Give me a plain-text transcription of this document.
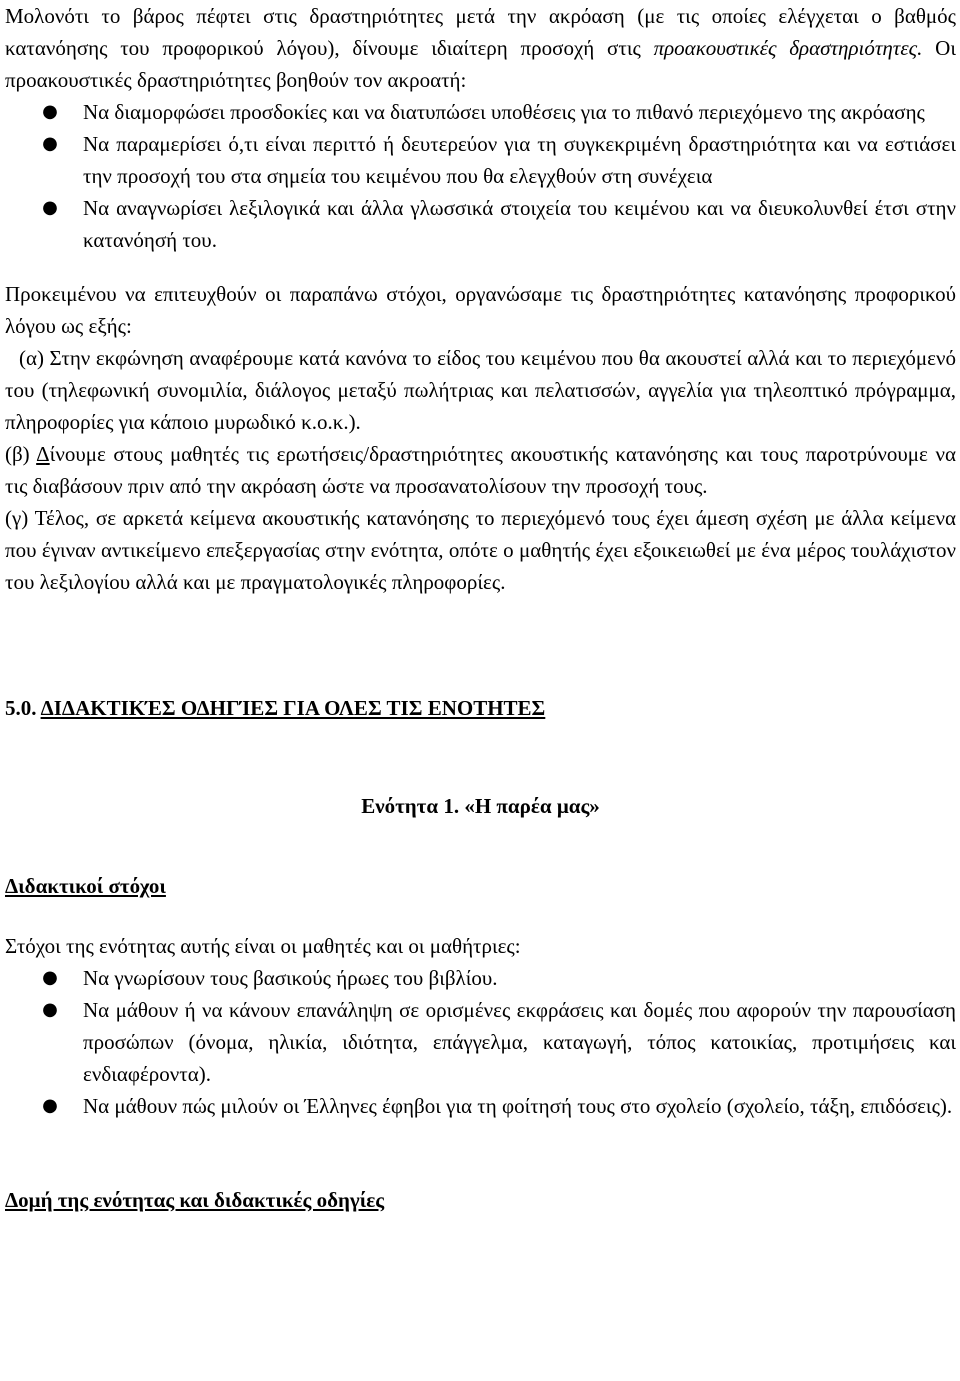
Μολονότι το βάρος πέφτει στις δραστηριότητες μετά την ακρόαση (με τις οποίες ελέγχεται ο βαθμός κατανόησης του προφορικού λόγου), δίνουμε ιδιαίτερη προσοχή στις προακουστικές δραστηριότητες. Οι προακουστικές δραστηριότητες βοηθούν τον ακροατή:

● Να διαμορφώσει προσδοκίες και να διατυπώσει υποθέσεις για το πιθανό περιεχόμενο της ακρόασης
● Να παραμερίσει ό,τι είναι περιττό ή δευτερεύον για τη συγκεκριμένη δραστηριότητα και να εστιάσει την προσοχή του στα σημεία του κειμένου που θα ελεγχθούν στη συνέχεια
● Να αναγνωρίσει λεξιλογικά και άλλα γλωσσικά στοιχεία του κειμένου και να διευκολυνθεί έτσι στην κατανόησή του.

Προκειμένου να επιτευχθούν οι παραπάνω στόχοι, οργανώσαμε τις δραστηριότητες κατανόησης προφορικού λόγου ως εξής:

(α) Στην εκφώνηση αναφέρουμε κατά κανόνα το είδος του κειμένου που θα ακουστεί αλλά και το περιεχόμενό του (τηλεφωνική συνομιλία, διάλογος μεταξύ πωλήτριας και πελατισσών, αγγελία για τηλεοπτικό πρόγραμμα, πληροφορίες για κάποιο μυρωδικό κ.ο.κ.).

(β) Δίνουμε στους μαθητές τις ερωτήσεις/δραστηριότητες ακουστικής κατανόησης και τους παροτρύνουμε να τις διαβάσουν πριν από την ακρόαση ώστε να προσανατολίσουν την προσοχή τους.

(γ) Τέλος, σε αρκετά κείμενα ακουστικής κατανόησης το περιεχόμενό τους έχει άμεση σχέση με άλλα κείμενα που έγιναν αντικείμενο επεξεργασίας στην ενότητα, οπότε ο μαθητής έχει εξοικειωθεί με ένα μέρος τουλάχιστον του λεξιλογίου αλλά και με πραγματολογικές πληροφορίες.

5.0. ΔΙΔΑΚΤΙΚΈΣ ΟΔΗΓΊΕΣ ΓΙΑ ΟΛΕΣ ΤΙΣ ΕΝΟΤΗΤΕΣ

Ενότητα 1. «Η παρέα μας»

Διδακτικοί στόχοι

Στόχοι της ενότητας αυτής είναι οι μαθητές και οι μαθήτριες:

● Να γνωρίσουν τους βασικούς ήρωες του βιβλίου.
● Να μάθουν ή να κάνουν επανάληψη σε ορισμένες εκφράσεις και δομές που αφορούν την παρουσίαση προσώπων (όνομα, ηλικία, ιδιότητα, επάγγελμα, καταγωγή, τόπος κατοικίας, προτιμήσεις και ενδιαφέροντα).
● Να μάθουν πώς μιλούν οι Έλληνες έφηβοι για τη φοίτησή τους στο σχολείο (σχολείο, τάξη, επιδόσεις).

Δομή της ενότητας και διδακτικές οδηγίες
